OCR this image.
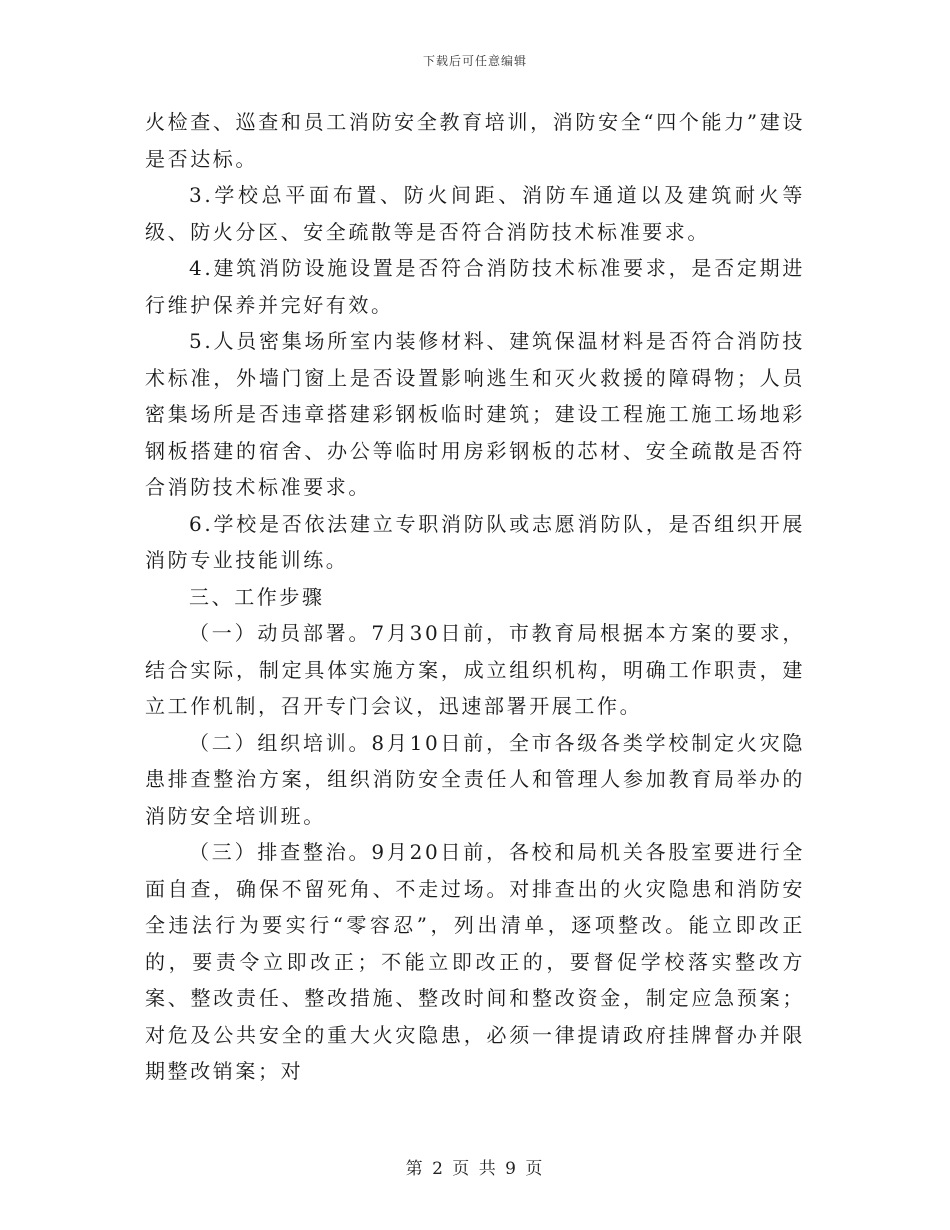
下载后可任意编辑

火检查、巡查和员工消防安全教育培训，消防安全“四个能力”建设是否达标。

3.学校总平面布置、防火间距、消防车通道以及建筑耐火等级、防火分区、安全疏散等是否符合消防技术标准要求。

4.建筑消防设施设置是否符合消防技术标准要求，是否定期进行维护保养并完好有效。

5.人员密集场所室内装修材料、建筑保温材料是否符合消防技术标准，外墙门窗上是否设置影响逃生和灭火救援的障碍物；人员密集场所是否违章搭建彩钢板临时建筑；建设工程施工施工场地彩钢板搭建的宿舍、办公等临时用房彩钢板的芯材、安全疏散是否符合消防技术标准要求。

6.学校是否依法建立专职消防队或志愿消防队，是否组织开展消防专业技能训练。

三、工作步骤

（一）动员部署。7月30日前，市教育局根据本方案的要求，结合实际，制定具体实施方案，成立组织机构，明确工作职责，建立工作机制，召开专门会议，迅速部署开展工作。

（二）组织培训。8月10日前，全市各级各类学校制定火灾隐患排查整治方案，组织消防安全责任人和管理人参加教育局举办的消防安全培训班。

（三）排查整治。9月20日前，各校和局机关各股室要进行全面自查，确保不留死角、不走过场。对排查出的火灾隐患和消防安全违法行为要实行“零容忍”，列出清单，逐项整改。能立即改正的，要责令立即改正；不能立即改正的，要督促学校落实整改方案、整改责任、整改措施、整改时间和整改资金，制定应急预案；对危及公共安全的重大火灾隐患，必须一律提请政府挂牌督办并限期整改销案；对

第 2 页 共 9 页
